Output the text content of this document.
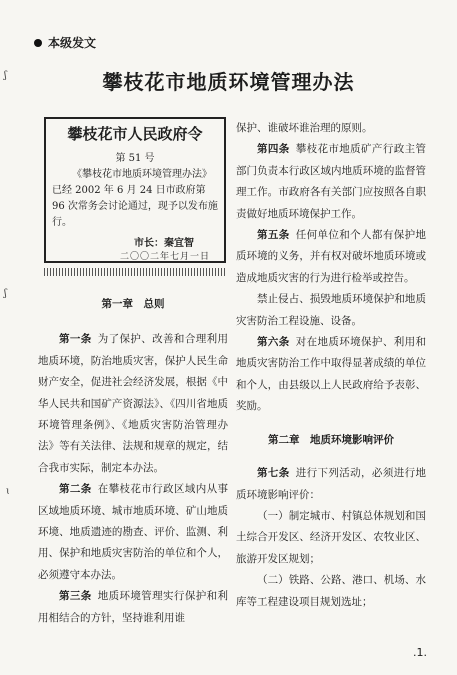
本级发文
攀枝花市地质环境管理办法
攀枝花市人民政府令
第 51 号
《攀枝花市地质环境管理办法》已经 2002 年 6 月 24 日市政府第 96 次常务会讨论通过，现予以发布施行。
市长：秦宜智
二〇〇二年七月一日
ʃ
ʃ
ɩ

第一章　总则

第一条 为了保护、改善和合理利用地质环境，防治地质灾害，保护人民生命财产安全，促进社会经济发展，根据《中华人民共和国矿产资源法》、《四川省地质环境管理条例》、《地质灾害防治管理办法》等有关法律、法规和规章的规定，结合我市实际，制定本办法。

第二条 在攀枝花市行政区域内从事区域地质环境、城市地质环境、矿山地质环境、地质遗迹的勘查、评价、监测、利用、保护和地质灾害防治的单位和个人，必须遵守本办法。

第三条 地质环境管理实行保护和利用相结合的方针，坚持谁利用谁

保护、谁破坏谁治理的原则。

第四条 攀枝花市地质矿产行政主管部门负责本行政区域内地质环境的监督管理工作。市政府各有关部门应按照各自职责做好地质环境保护工作。

第五条 任何单位和个人都有保护地质环境的义务，并有权对破坏地质环境或造成地质灾害的行为进行检举或控告。

禁止侵占、损毁地质环境保护和地质灾害防治工程设施、设备。

第六条 对在地质环境保护、利用和地质灾害防治工作中取得显著成绩的单位和个人，由县级以上人民政府给予表彰、奖励。

第二章　地质环境影响评价

第七条 进行下列活动，必须进行地质环境影响评价：

（一）制定城市、村镇总体规划和国土综合开发区、经济开发区、农牧业区、旅游开发区规划；

（二）铁路、公路、港口、机场、水库等工程建设项目规划选址；

.1.
